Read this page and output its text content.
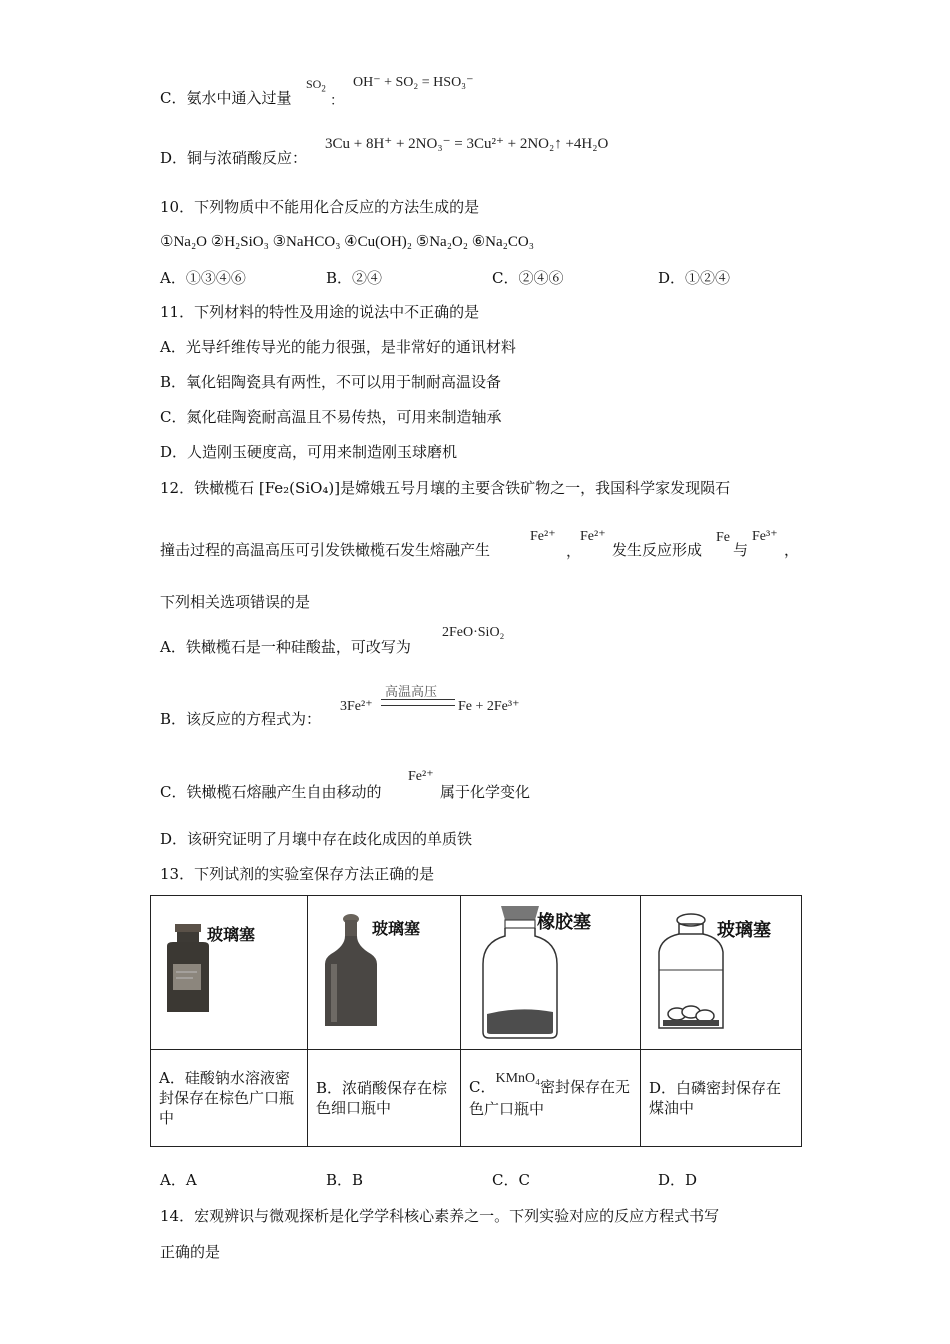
C．氨水中通入过量
$SO_2$
：
OH⁻ + SO₂ = HSO₃⁻
D．铜与浓硝酸反应：
3Cu + 8H⁺ + 2NO₃⁻ = 3Cu²⁺ + 2NO₂↑ +4H₂O
10．下列物质中不能用化合反应的方法生成的是
①Na₂O ②H₂SiO₃ ③NaHCO₃ ④Cu(OH)₂ ⑤Na₂O₂ ⑥Na₂CO₃
A．①③④⑥	B．②④	C．②④⑥	D．①②④
11．下列材料的特性及用途的说法中不正确的是
A．光导纤维传导光的能力很强，是非常好的通讯材料
B．氧化铝陶瓷具有两性，不可以用于制耐高温设备
C．氮化硅陶瓷耐高温且不易传热，可用来制造轴承
D．人造刚玉硬度高，可用来制造刚玉球磨机
12．铁橄榄石 [Fe₂(SiO₄)]是嫦娥五号月壤的主要含铁矿物之一，我国科学家发现陨石
撞击过程的高温高压可引发铁橄榄石发生熔融产生
Fe²⁺
，
Fe²⁺
发生反应形成
Fe
与
Fe³⁺
，
下列相关选项错误的是
A．铁橄榄石是一种硅酸盐，可改写为
2FeO·SiO₂
B．该反应的方程式为：
3Fe²⁺
高温高压
Fe + 2Fe³⁺
C．铁橄榄石熔融产生自由移动的
Fe²⁺
属于化学变化
D．该研究证明了月壤中存在歧化成因的单质铁
13．下列试剂的实验室保存方法正确的是
玻璃塞	玻璃塞	橡胶塞	玻璃塞

A．硅酸钠水溶液密封保存在棕色广口瓶中	B．浓硝酸保存在棕色细口瓶中	C．KMnO₄密封保存在无色广口瓶中	D．白磷密封保存在煤油中
A．A	B．B	C．C	D．D
14．宏观辨识与微观探析是化学学科核心素养之一。下列实验对应的反应方程式书写
正确的是
